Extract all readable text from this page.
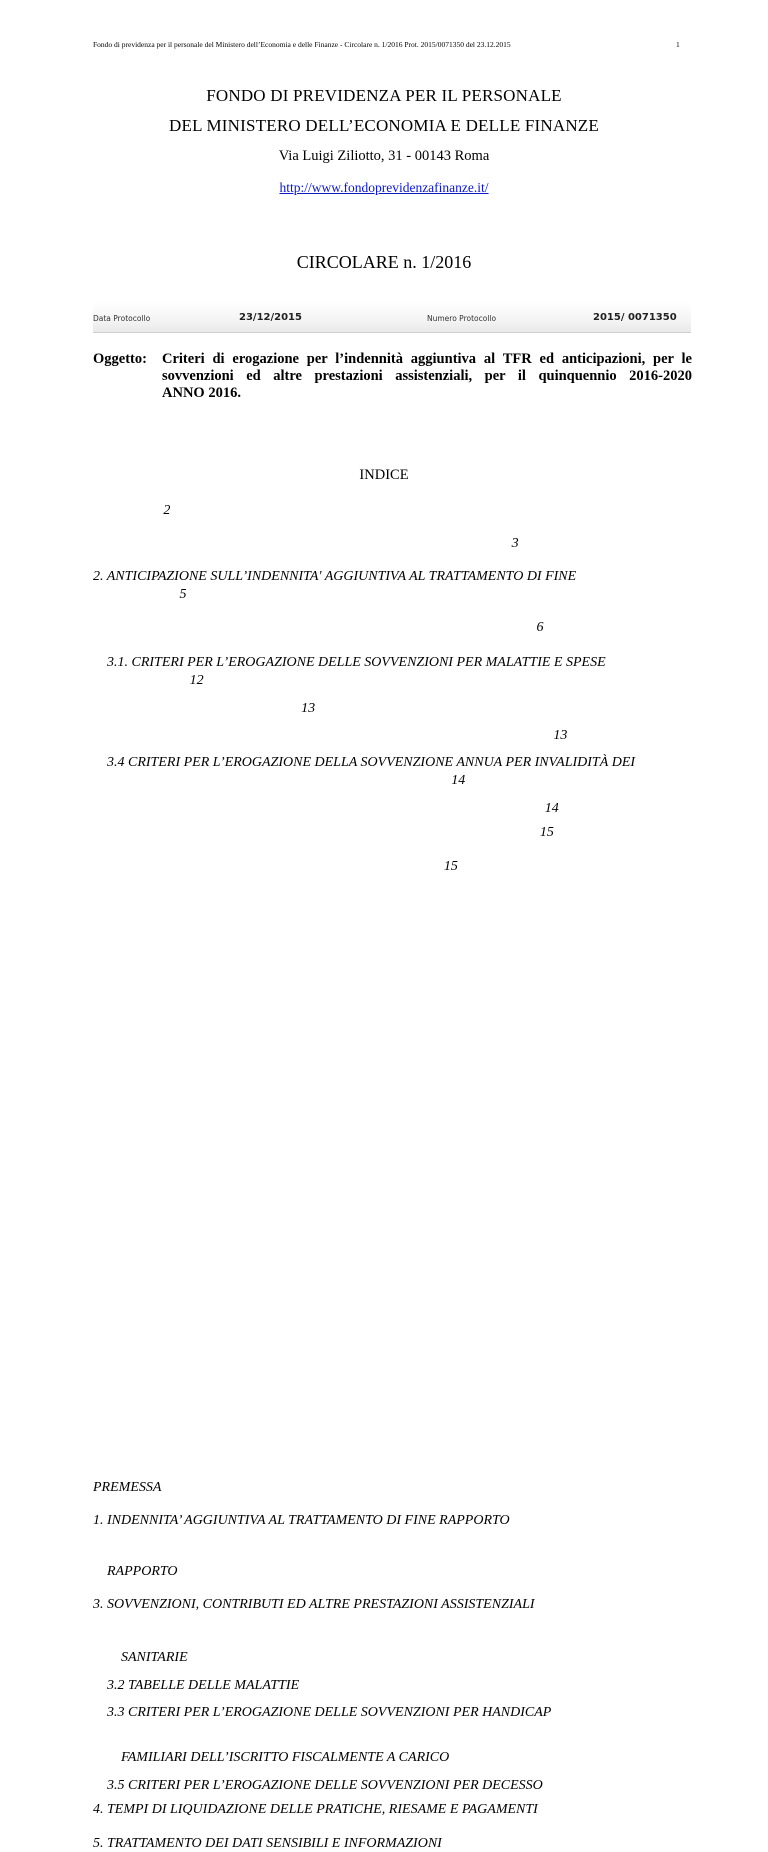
Fondo di previdenza per il personale del Ministero dell’Economia e delle Finanze - Circolare n. 1/2016 Prot. 2015/0071350 del 23.12.2015	1
FONDO DI PREVIDENZA PER IL PERSONALE
DEL MINISTERO DELL’ECONOMIA E DELLE FINANZE
Via Luigi Ziliotto, 31 - 00143 Roma
http://www.fondoprevidenzafinanze.it/
CIRCOLARE n. 1/2016
Data Protocollo	23/12/2015	Numero Protocollo	2015/ 0071350
Oggetto: Criteri di erogazione per l’indennità aggiuntiva al TFR ed anticipazioni, per le
sovvenzioni ed altre prestazioni assistenziali, per il quinquennio 2016-2020
ANNO 2016.
INDICE
PREMESSA
2
1. INDENNITA’ AGGIUNTIVA AL TRATTAMENTO DI FINE RAPPORTO
3
2. ANTICIPAZIONE SULL’INDENNITA' AGGIUNTIVA AL TRATTAMENTO DI FINE
RAPPORTO
5
3. SOVVENZIONI, CONTRIBUTI ED ALTRE PRESTAZIONI ASSISTENZIALI
6
3.1. CRITERI PER L’EROGAZIONE DELLE SOVVENZIONI PER MALATTIE E SPESE
SANITARIE
12
3.2 TABELLE DELLE MALATTIE
13
3.3 CRITERI PER L’EROGAZIONE DELLE SOVVENZIONI PER HANDICAP
13
3.4 CRITERI PER L’EROGAZIONE DELLA SOVVENZIONE ANNUA PER INVALIDITÀ DEI
FAMILIARI DELL’ISCRITTO FISCALMENTE A CARICO
14
3.5 CRITERI PER L’EROGAZIONE DELLE SOVVENZIONI PER DECESSO
14
4. TEMPI DI LIQUIDAZIONE DELLE PRATICHE, RIESAME E PAGAMENTI
15
5. TRATTAMENTO DEI DATI SENSIBILI E INFORMAZIONI
15
